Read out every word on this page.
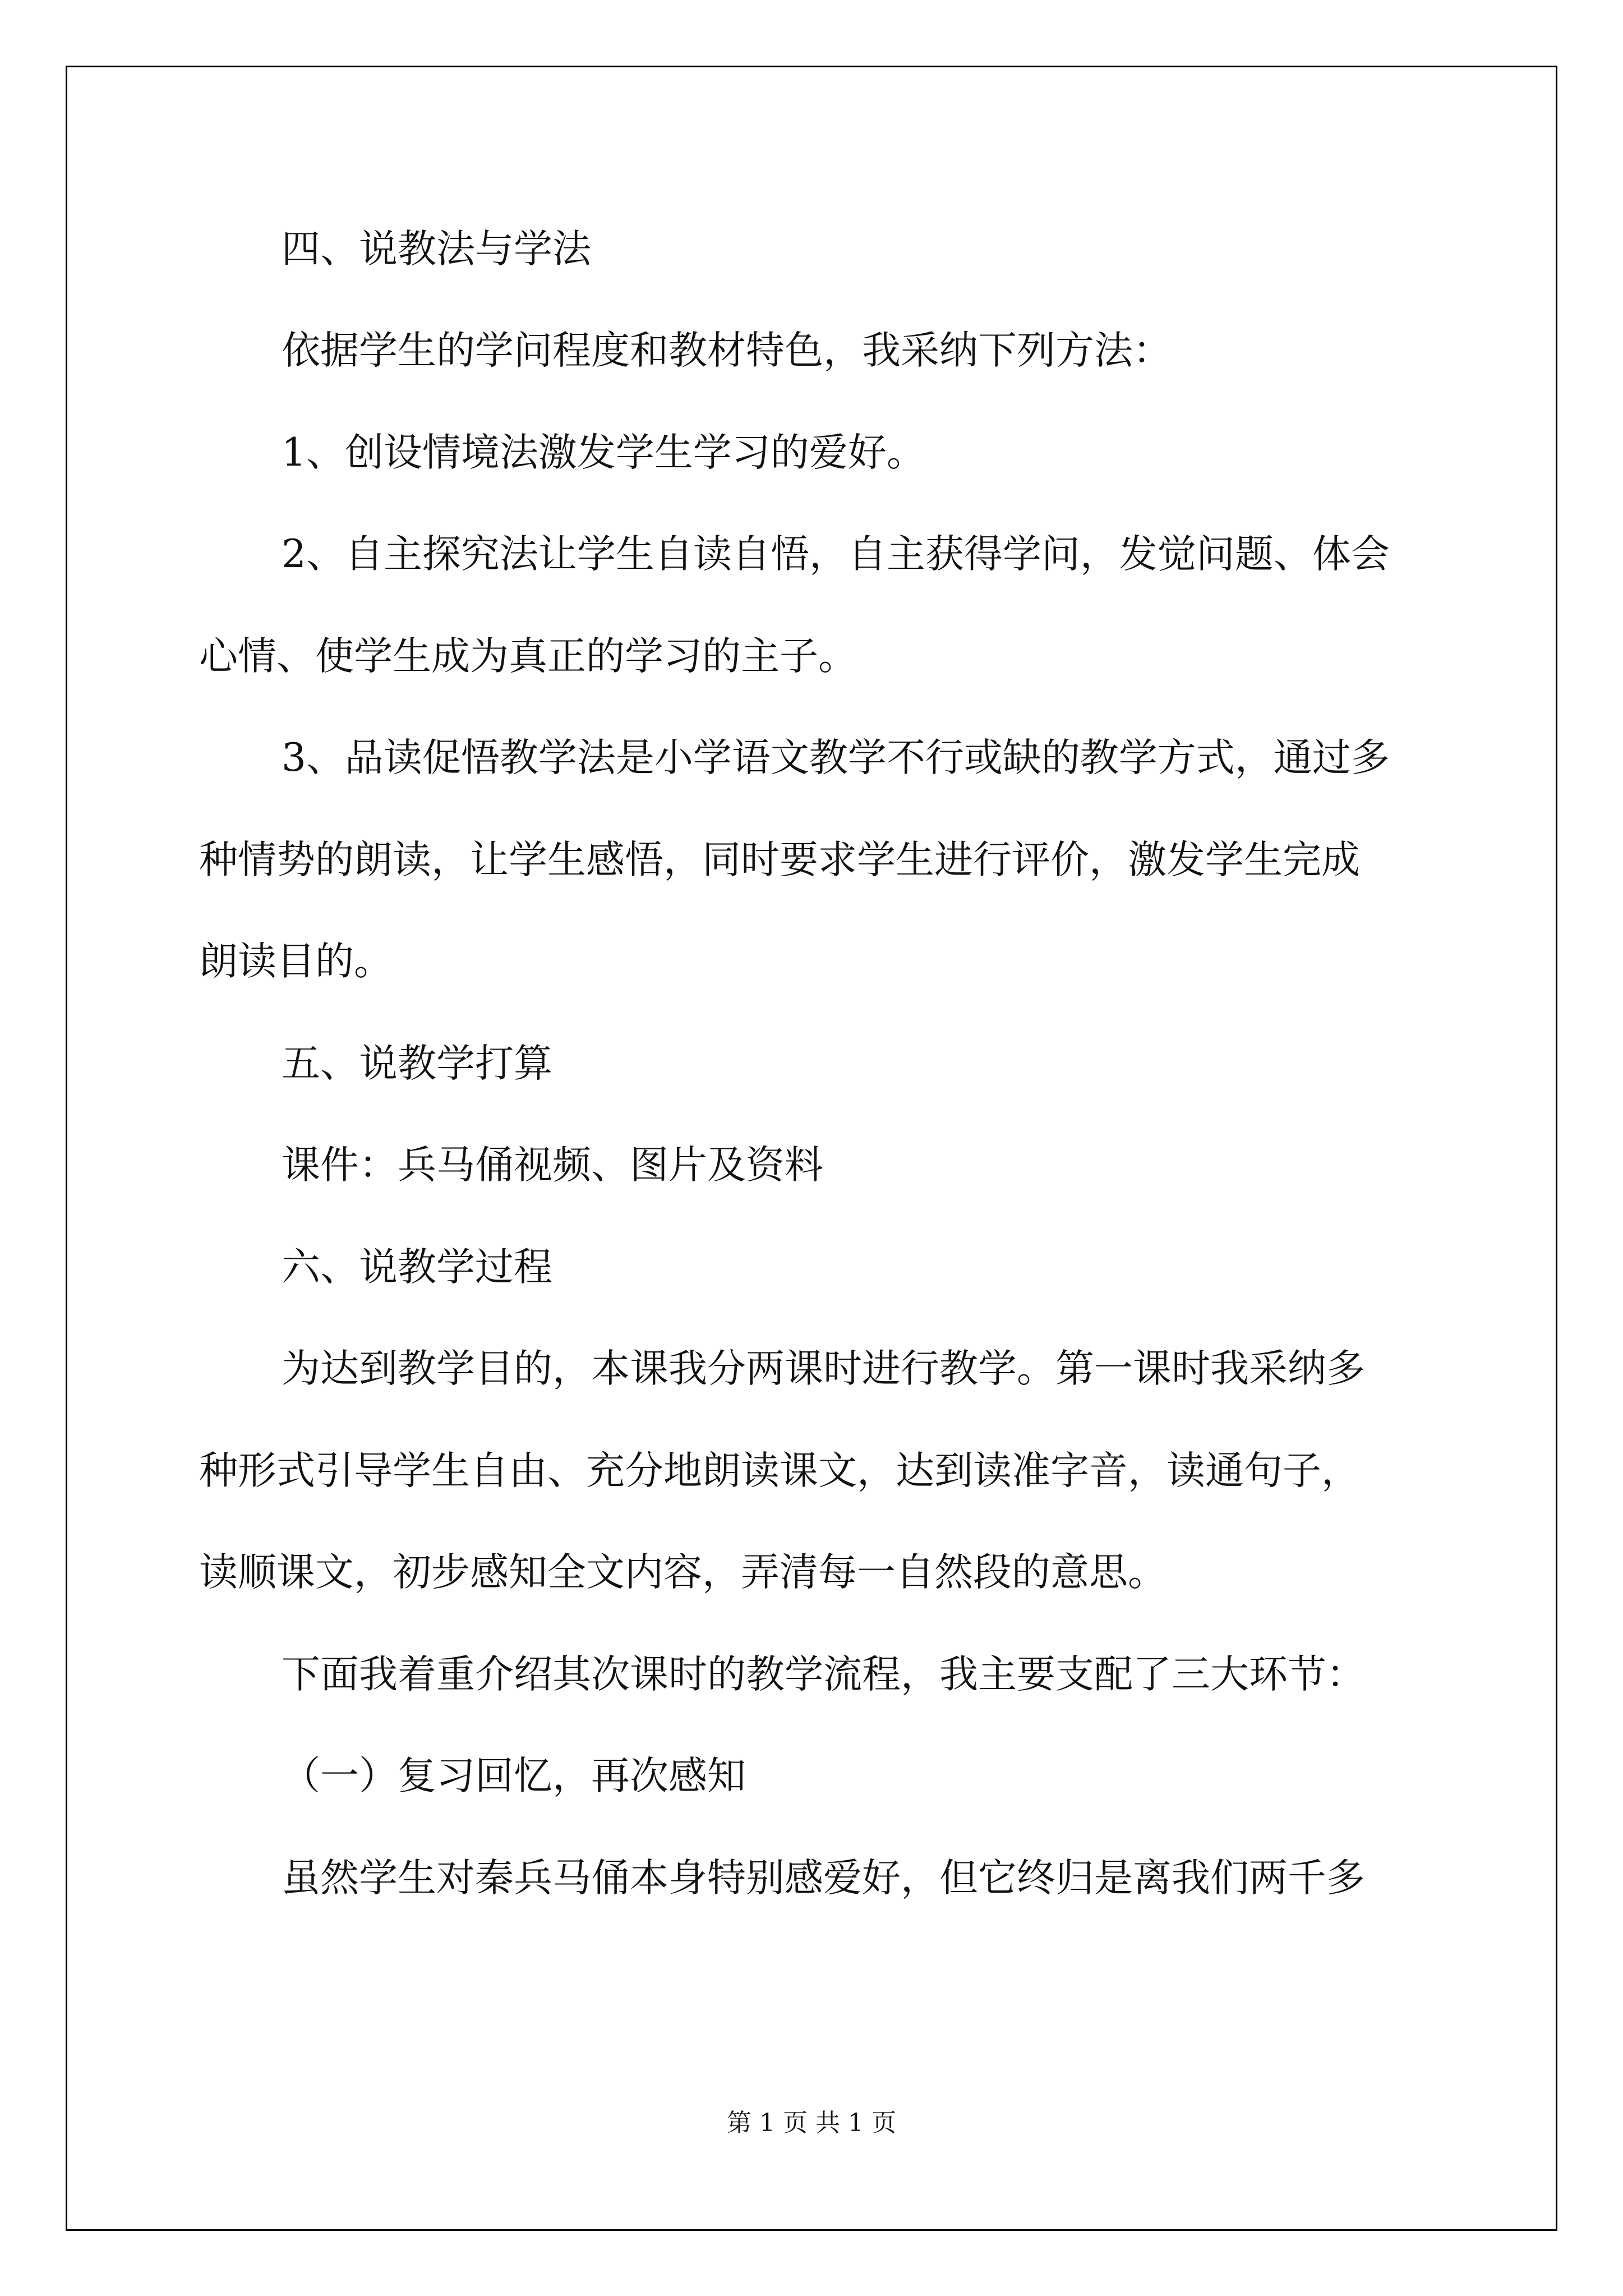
四、说教法与学法
依据学生的学问程度和教材特色，我采纳下列方法：
1、创设情境法激发学生学习的爱好。
2、自主探究法让学生自读自悟，自主获得学问，发觉问题、体会
心情、使学生成为真正的学习的主子。
3、品读促悟教学法是小学语文教学不行或缺的教学方式，通过多
种情势的朗读，让学生感悟，同时要求学生进行评价，激发学生完成
朗读目的。
五、说教学打算
课件：兵马俑视频、图片及资料
六、说教学过程
为达到教学目的，本课我分两课时进行教学。第一课时我采纳多
种形式引导学生自由、充分地朗读课文，达到读准字音，读通句子，
读顺课文，初步感知全文内容，弄清每一自然段的意思。
下面我着重介绍其次课时的教学流程，我主要支配了三大环节：
（一）复习回忆，再次感知
虽然学生对秦兵马俑本身特别感爱好，但它终归是离我们两千多
第 1 页 共 1 页
